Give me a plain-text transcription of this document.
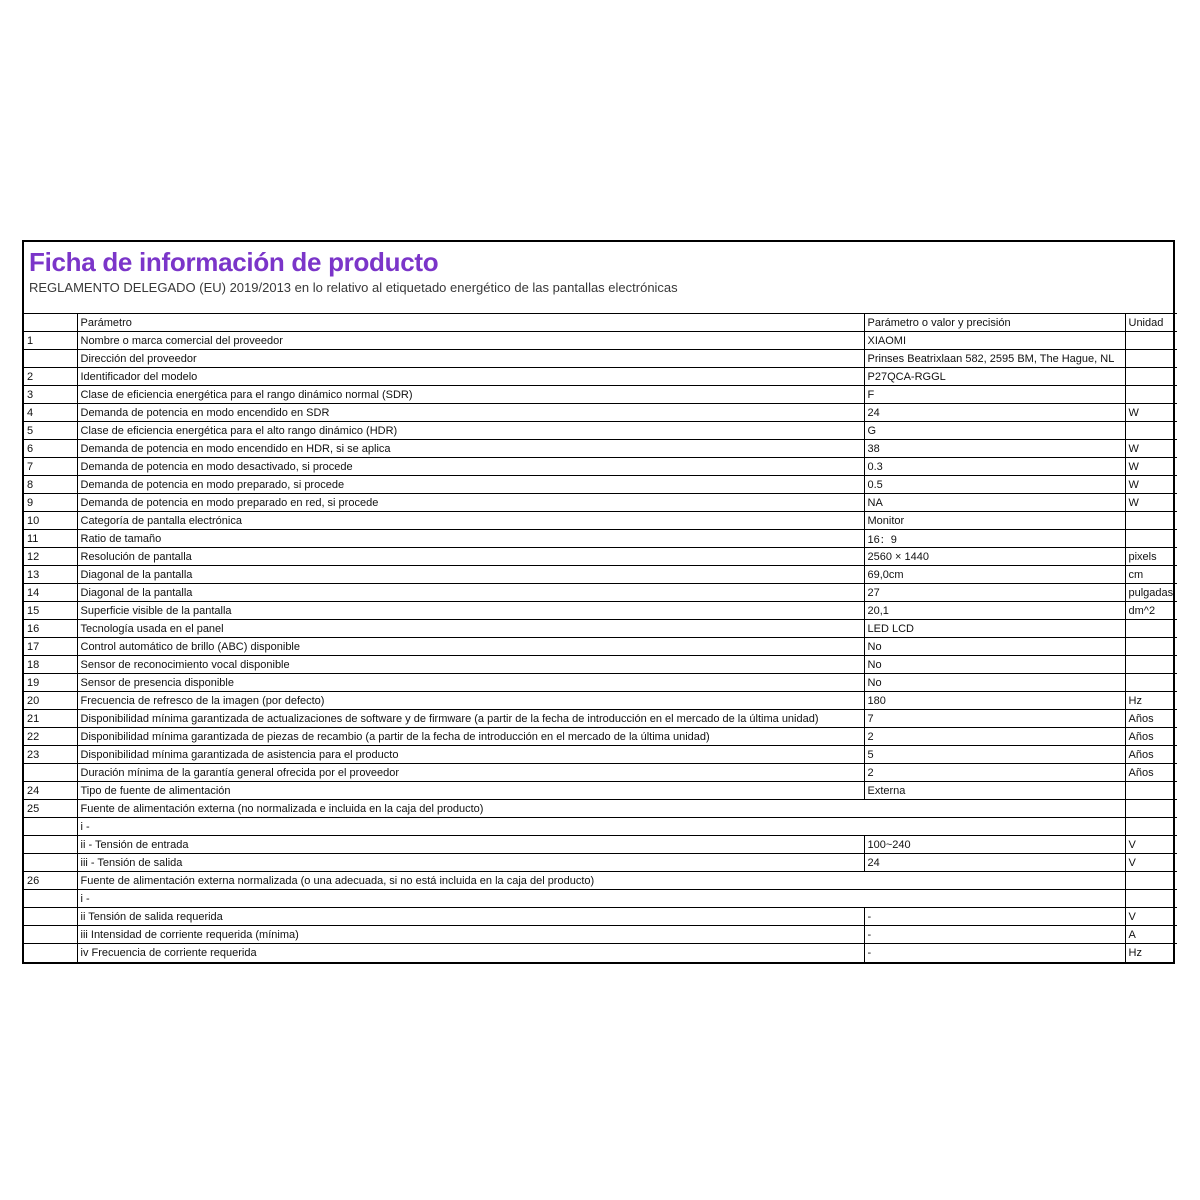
Ficha de información de producto
REGLAMENTO DELEGADO (EU) 2019/2013 en lo relativo al etiquetado energético de las pantallas electrónicas
	Parámetro	Parámetro o valor y precisión	Unidad
1	Nombre o marca comercial del proveedor	XIAOMI	
	Dirección del proveedor	Prinses Beatrixlaan 582, 2595 BM, The Hague, NL	
2	Identificador del modelo	P27QCA-RGGL	
3	Clase de eficiencia energética para el rango dinámico normal (SDR)	F	
4	Demanda de potencia en modo encendido en SDR	24	W
5	Clase de eficiencia energética para el alto rango dinámico (HDR)	G	
6	Demanda de potencia en modo encendido en HDR, si se aplica	38	W
7	Demanda de potencia en modo desactivado, si procede	0.3	W
8	Demanda de potencia en modo preparado, si procede	0.5	W
9	Demanda de potencia en modo preparado en red, si procede	NA	W
10	Categoría de pantalla electrónica	Monitor	
11	Ratio de tamaño	16：9	
12	Resolución de pantalla	2560 × 1440	pixels
13	Diagonal de la pantalla	69,0cm	cm
14	Diagonal de la pantalla	27	pulgadas
15	Superficie visible de la pantalla	20,1	dm^2
16	Tecnología usada en el panel	LED LCD	
17	Control automático de brillo (ABC) disponible	No	
18	Sensor de reconocimiento vocal disponible	No	
19	Sensor de presencia disponible	No	
20	Frecuencia de refresco de la imagen (por defecto)	180	Hz
21	Disponibilidad mínima garantizada de actualizaciones de software y de firmware (a partir de la fecha de introducción en el mercado de la última unidad)	7	Años
22	Disponibilidad mínima garantizada de piezas de recambio (a partir de la fecha de introducción en el mercado de la última unidad)	2	Años
23	Disponibilidad mínima garantizada de asistencia para el producto	5	Años
	Duración mínima de la garantía general ofrecida por el proveedor	2	Años
24	Tipo de fuente de alimentación	Externa	
25	Fuente de alimentación externa (no normalizada e incluida en la caja del producto)		
	i -		
	ii - Tensión de entrada	100~240	V
	iii - Tensión de salida	24	V
26	Fuente de alimentación externa normalizada (o una adecuada, si no está incluida en la caja del producto)		
	i -		
	ii Tensión de salida requerida	-	V
	iii Intensidad de corriente requerida (mínima)	-	A
	iv Frecuencia de corriente requerida	-	Hz
